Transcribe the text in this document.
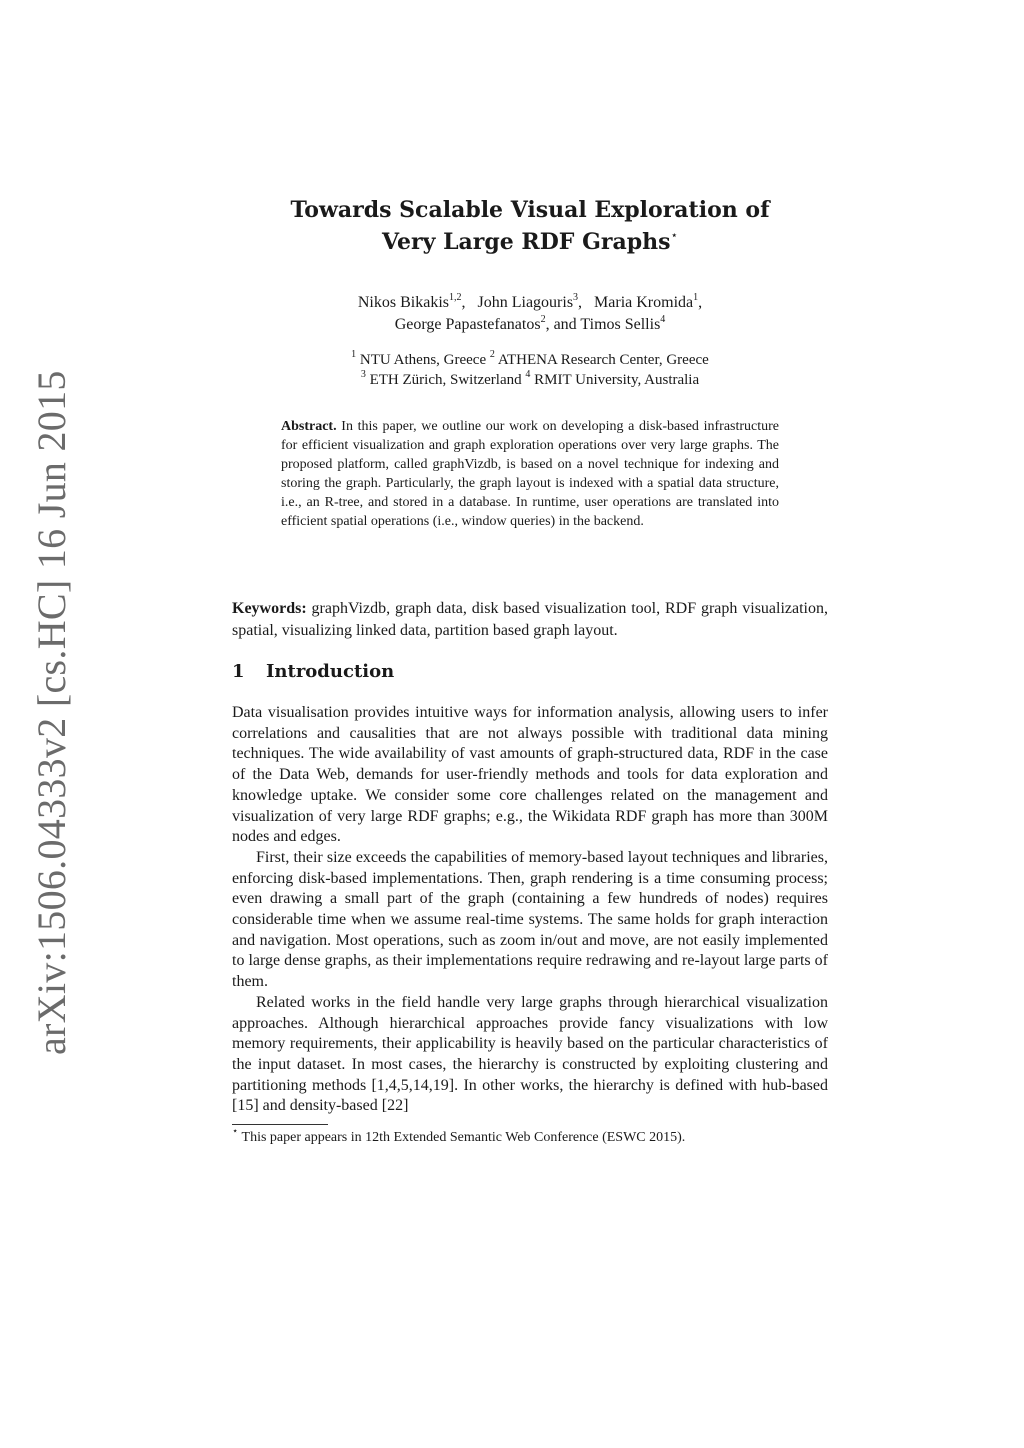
arXiv:1506.04333v2 [cs.HC] 16 Jun 2015
Towards Scalable Visual Exploration of
Very Large RDF Graphs⋆
Nikos Bikakis$^{1,2}$,   John Liagouris$^3$,   Maria Kromida$^1$,
George Papastefanatos$^2$, and Timos Sellis$^4$
$^1$ NTU Athens, Greece $^2$ ATHENA Research Center, Greece
$^3$ ETH Zürich, Switzerland $^4$ RMIT University, Australia
Abstract. In this paper, we outline our work on developing a disk-based infrastructure for efficient visualization and graph exploration operations over very large graphs. The proposed platform, called graphVizdb, is based on a novel technique for indexing and storing the graph. Particularly, the graph layout is indexed with a spatial data structure, i.e., an R-tree, and stored in a database. In runtime, user operations are translated into efficient spatial operations (i.e., window queries) in the backend.
Keywords: graphVizdb, graph data, disk based visualization tool, RDF graph visualization, spatial, visualizing linked data, partition based graph layout.
1 Introduction

Data visualisation provides intuitive ways for information analysis, allowing users to infer correlations and causalities that are not always possible with traditional data mining techniques. The wide availability of vast amounts of graph-structured data, RDF in the case of the Data Web, demands for user-friendly methods and tools for data exploration and knowledge uptake. We consider some core challenges related on the management and visualization of very large RDF graphs; e.g., the Wikidata RDF graph has more than 300M nodes and edges.

First, their size exceeds the capabilities of memory-based layout techniques and libraries, enforcing disk-based implementations. Then, graph rendering is a time consuming process; even drawing a small part of the graph (containing a few hundreds of nodes) requires considerable time when we assume real-time systems. The same holds for graph interaction and navigation. Most operations, such as zoom in/out and move, are not easily implemented to large dense graphs, as their implementations require redrawing and re-layout large parts of them.

Related works in the field handle very large graphs through hierarchical visualization approaches. Although hierarchical approaches provide fancy visualizations with low memory requirements, their applicability is heavily based on the particular characteristics of the input dataset. In most cases, the hierarchy is constructed by exploiting clustering and partitioning methods [1,4,5,14,19]. In other works, the hierarchy is defined with hub-based [15] and density-based [22]

⋆ This paper appears in 12th Extended Semantic Web Conference (ESWC 2015).
